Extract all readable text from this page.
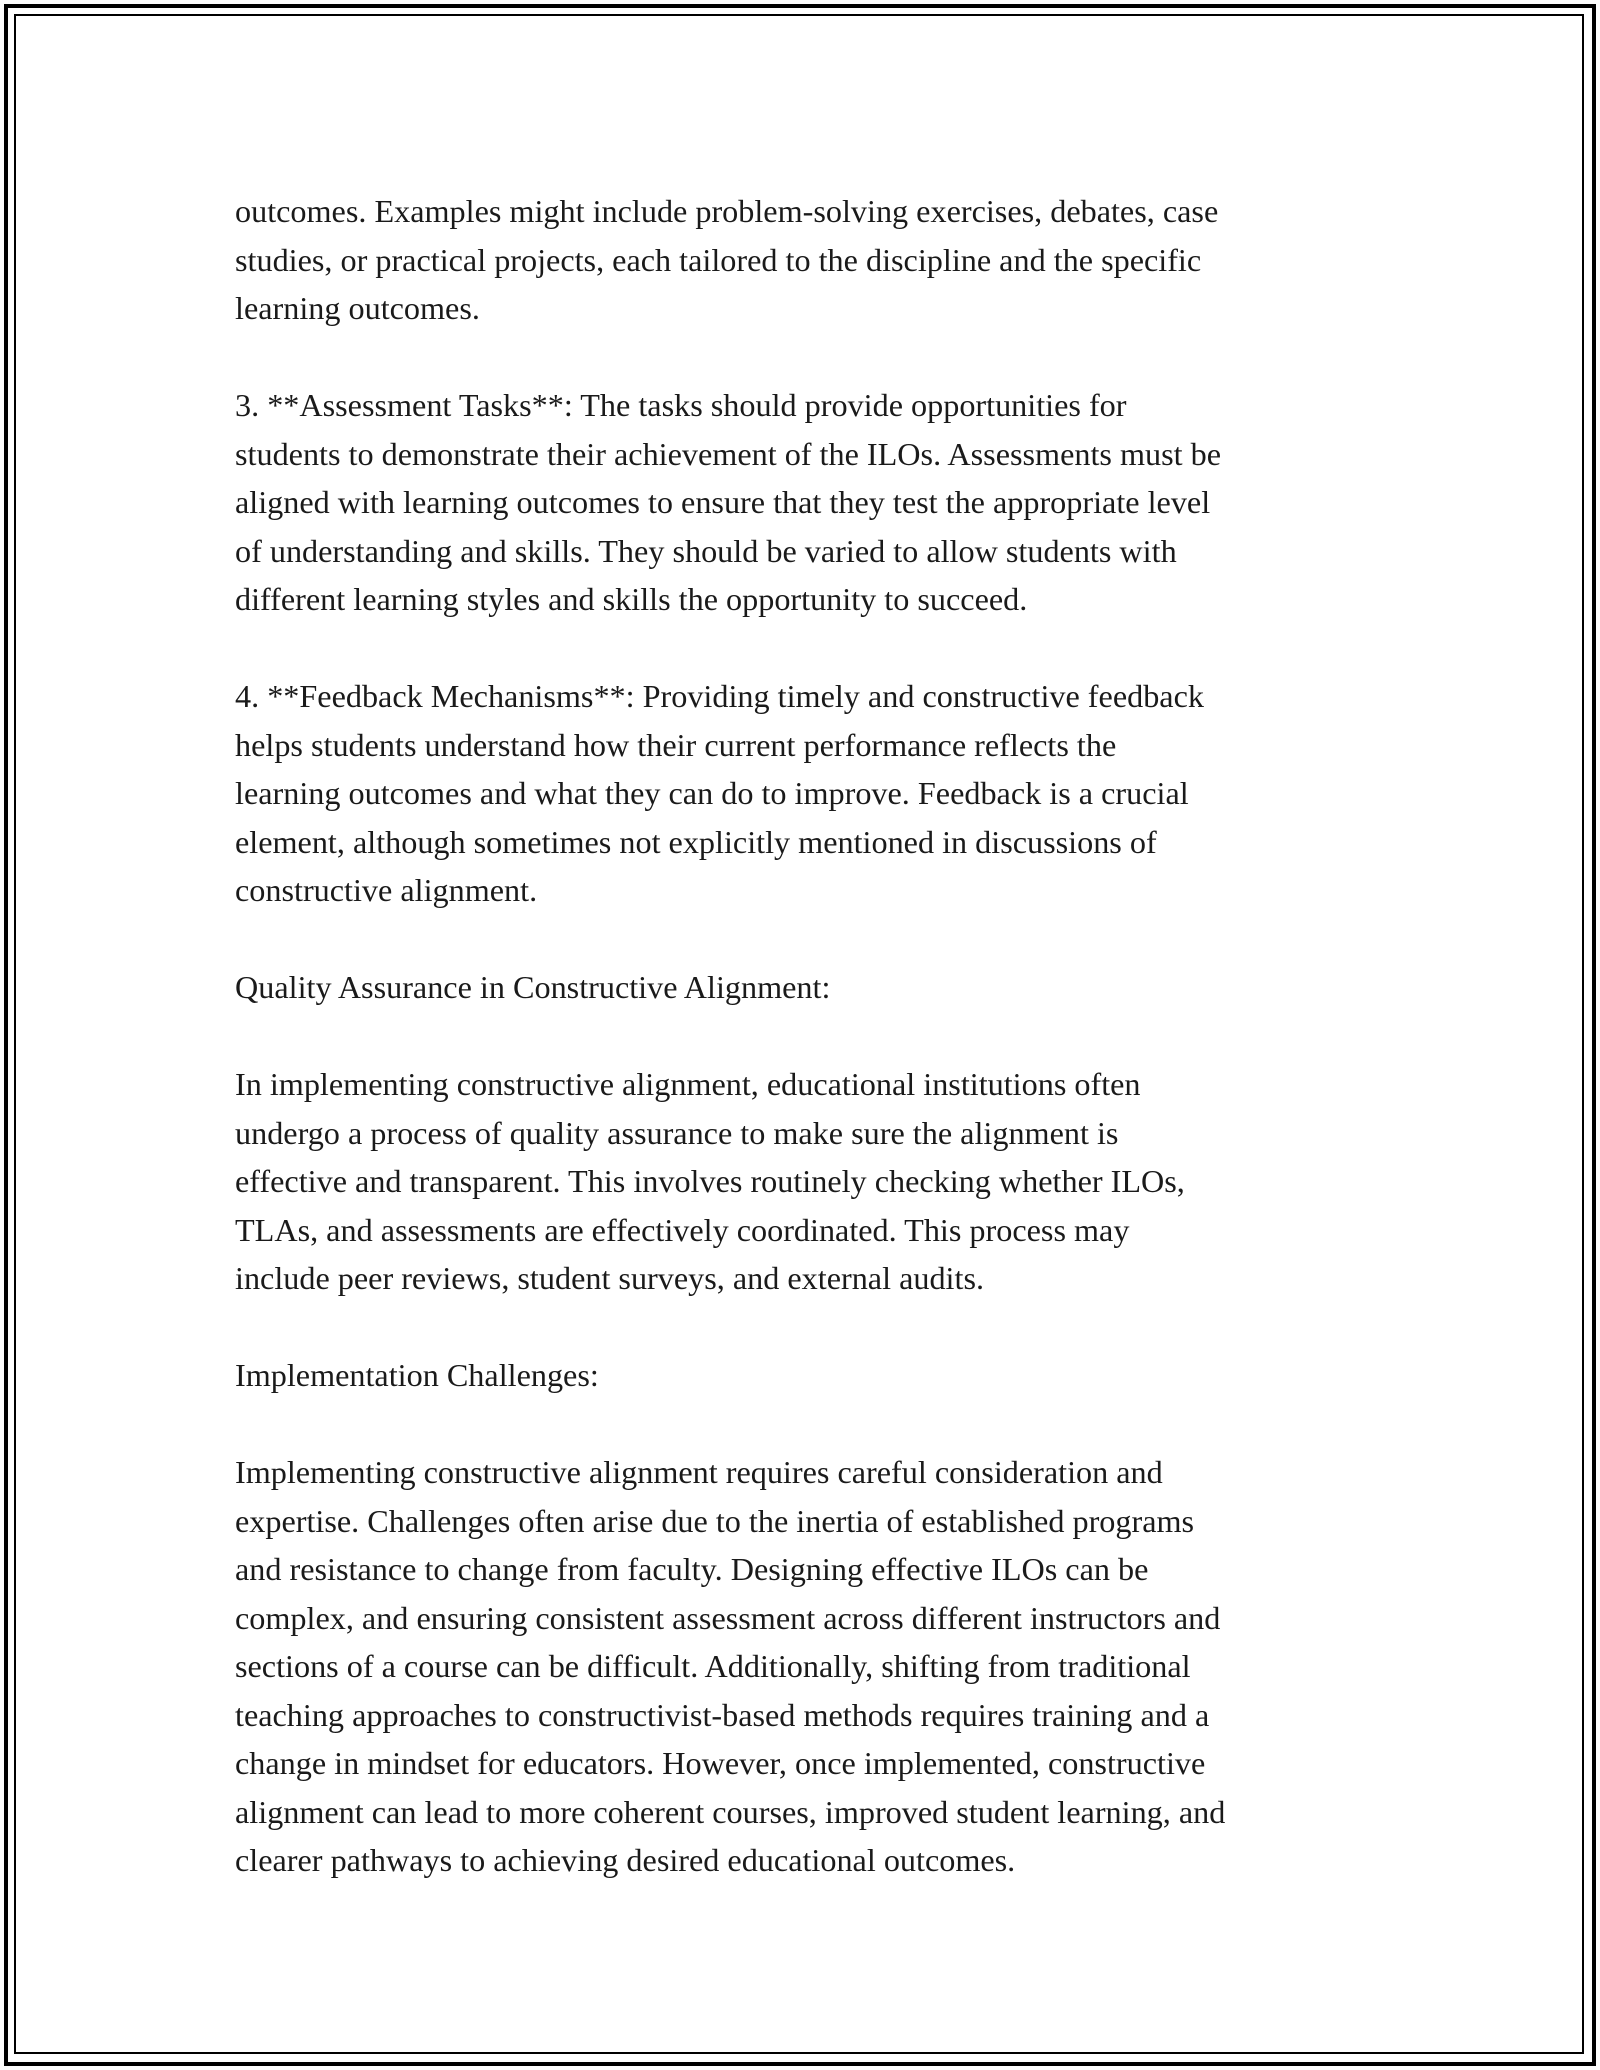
outcomes. Examples might include problem-solving exercises, debates, case
studies, or practical projects, each tailored to the discipline and the specific
learning outcomes.

3. **Assessment Tasks**: The tasks should provide opportunities for
students to demonstrate their achievement of the ILOs. Assessments must be
aligned with learning outcomes to ensure that they test the appropriate level
of understanding and skills. They should be varied to allow students with
different learning styles and skills the opportunity to succeed.

4. **Feedback Mechanisms**: Providing timely and constructive feedback
helps students understand how their current performance reflects the
learning outcomes and what they can do to improve. Feedback is a crucial
element, although sometimes not explicitly mentioned in discussions of
constructive alignment.

Quality Assurance in Constructive Alignment:

In implementing constructive alignment, educational institutions often
undergo a process of quality assurance to make sure the alignment is
effective and transparent. This involves routinely checking whether ILOs,
TLAs, and assessments are effectively coordinated. This process may
include peer reviews, student surveys, and external audits.

Implementation Challenges:

Implementing constructive alignment requires careful consideration and
expertise. Challenges often arise due to the inertia of established programs
and resistance to change from faculty. Designing effective ILOs can be
complex, and ensuring consistent assessment across different instructors and
sections of a course can be difficult. Additionally, shifting from traditional
teaching approaches to constructivist-based methods requires training and a
change in mindset for educators. However, once implemented, constructive
alignment can lead to more coherent courses, improved student learning, and
clearer pathways to achieving desired educational outcomes.
